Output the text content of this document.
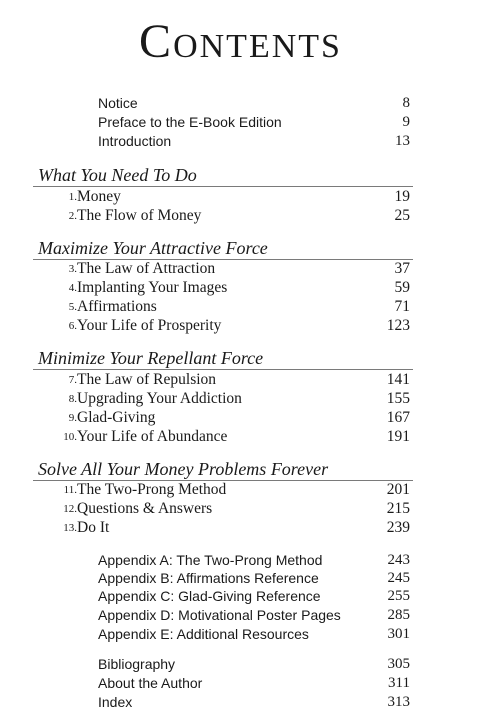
Contents
Notice	8
Preface to the E-Book Edition	9
Introduction	13
What You Need To Do
1. Money	19
2. The Flow of Money	25
Maximize Your Attractive Force
3. The Law of Attraction	37
4. Implanting Your Images	59
5. Affirmations	71
6. Your Life of Prosperity	123
Minimize Your Repellant Force
7. The Law of Repulsion	141
8. Upgrading Your Addiction	155
9. Glad-Giving	167
10. Your Life of Abundance	191
Solve All Your Money Problems Forever
11. The Two-Prong Method	201
12. Questions & Answers	215
13. Do It	239
Appendix A: The Two-Prong Method	243
Appendix B: Affirmations Reference	245
Appendix C: Glad-Giving Reference	255
Appendix D: Motivational Poster Pages	285
Appendix E: Additional Resources	301
Bibliography	305
About the Author	311
Index	313
